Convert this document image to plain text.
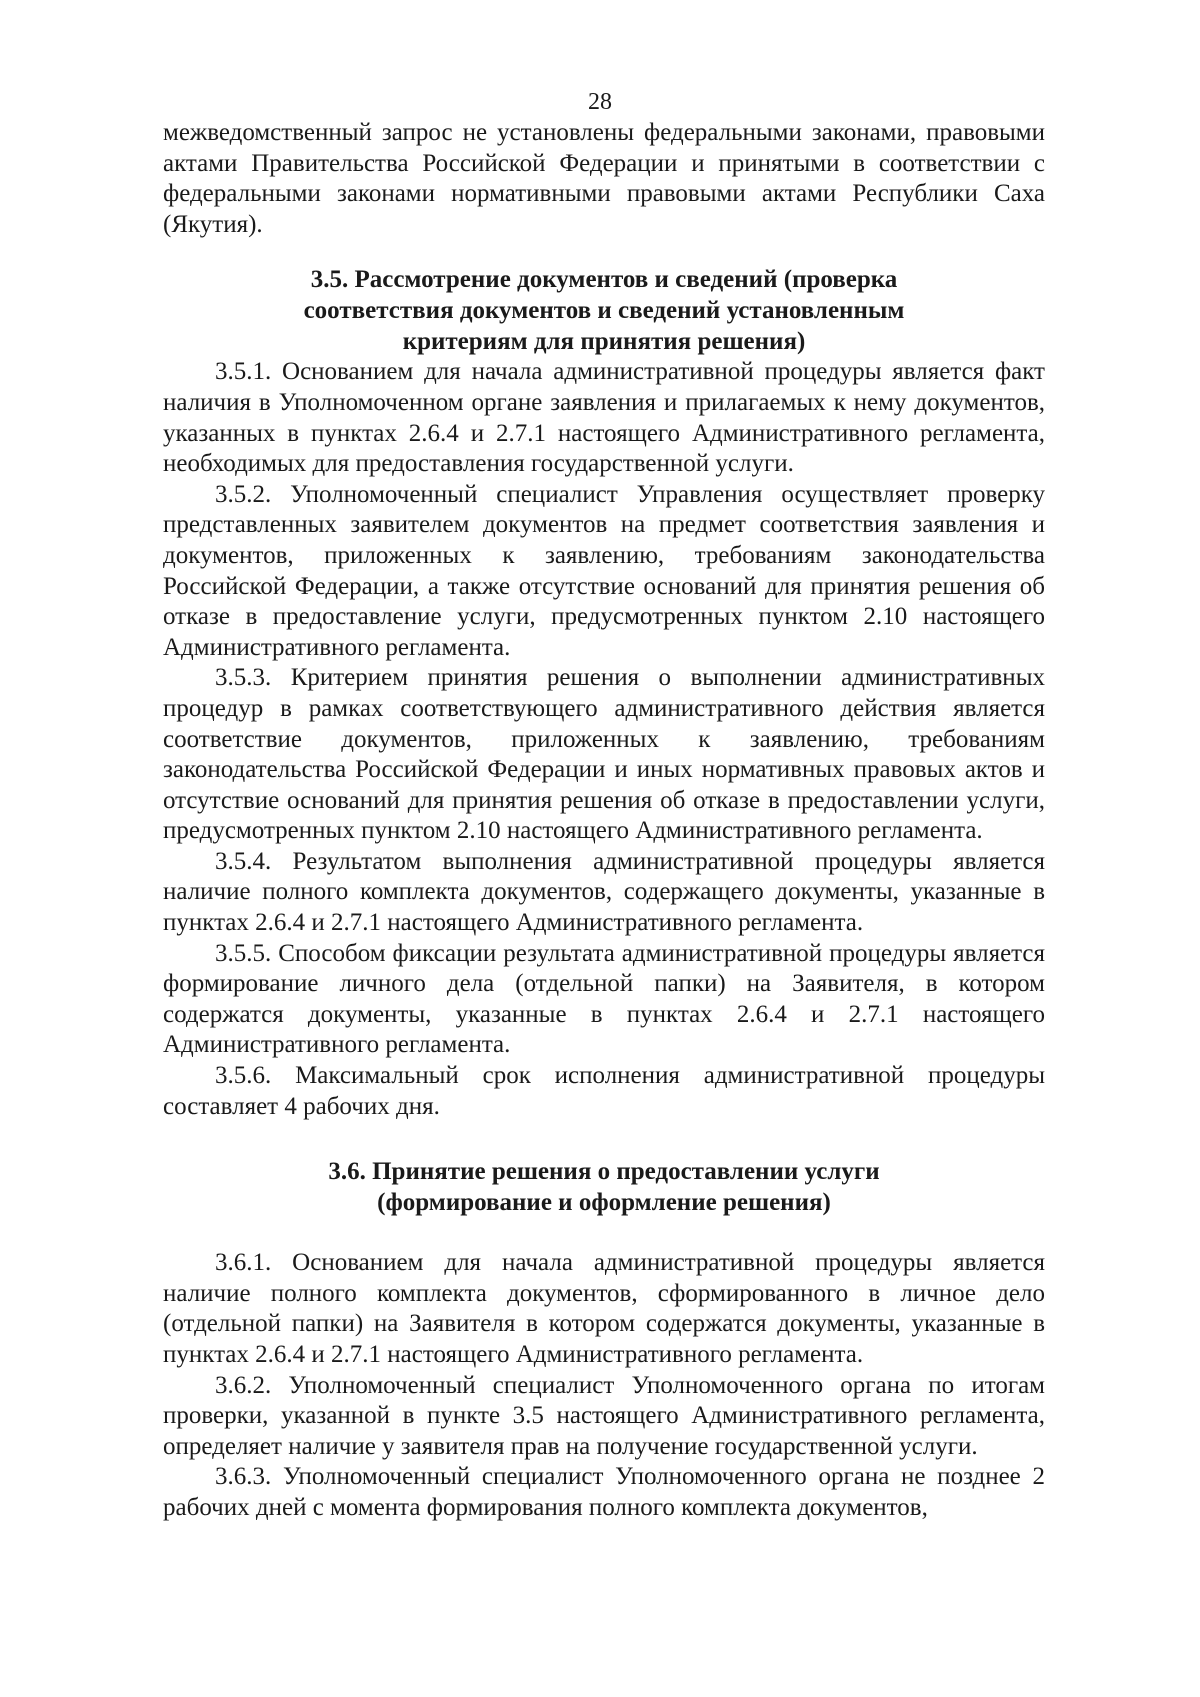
28

межведомственный запрос не установлены федеральными законами, правовыми актами Правительства Российской Федерации и принятыми в соответствии с федеральными законами нормативными правовыми актами Республики Саха (Якутия).

3.5. Рассмотрение документов и сведений (проверка
соответствия документов и сведений установленным
критериям для принятия решения)

3.5.1. Основанием для начала административной процедуры является факт наличия в Уполномоченном органе заявления и прилагаемых к нему документов, указанных в пунктах 2.6.4 и 2.7.1 настоящего Административного регламента, необходимых для предоставления государственной услуги.

3.5.2. Уполномоченный специалист Управления осуществляет проверку представленных заявителем документов на предмет соответствия заявления и документов, приложенных к заявлению, требованиям законодательства Российской Федерации, а также отсутствие оснований для принятия решения об отказе в предоставление услуги, предусмотренных пунктом 2.10 настоящего Административного регламента.

3.5.3. Критерием принятия решения о выполнении административных процедур в рамках соответствующего административного действия является соответствие документов, приложенных к заявлению, требованиям законодательства Российской Федерации и иных нормативных правовых актов и отсутствие оснований для принятия решения об отказе в предоставлении услуги, предусмотренных пунктом 2.10 настоящего Административного регламента.

3.5.4. Результатом выполнения административной процедуры является наличие полного комплекта документов, содержащего документы, указанные в пунктах 2.6.4 и 2.7.1 настоящего Административного регламента.

3.5.5. Способом фиксации результата административной процедуры является формирование личного дела (отдельной папки) на Заявителя, в котором содержатся документы, указанные в пунктах 2.6.4 и 2.7.1 настоящего Административного регламента.

3.5.6. Максимальный срок исполнения административной процедуры составляет 4 рабочих дня.

3.6. Принятие решения о предоставлении услуги
(формирование и оформление решения)

3.6.1. Основанием для начала административной процедуры является наличие полного комплекта документов, сформированного в личное дело (отдельной папки) на Заявителя в котором содержатся документы, указанные в пунктах 2.6.4 и 2.7.1 настоящего Административного регламента.

3.6.2. Уполномоченный специалист Уполномоченного органа по итогам проверки, указанной в пункте 3.5 настоящего Административного регламента, определяет наличие у заявителя прав на получение государственной услуги.

3.6.3. Уполномоченный специалист Уполномоченного органа не позднее 2 рабочих дней с момента формирования полного комплекта документов,
